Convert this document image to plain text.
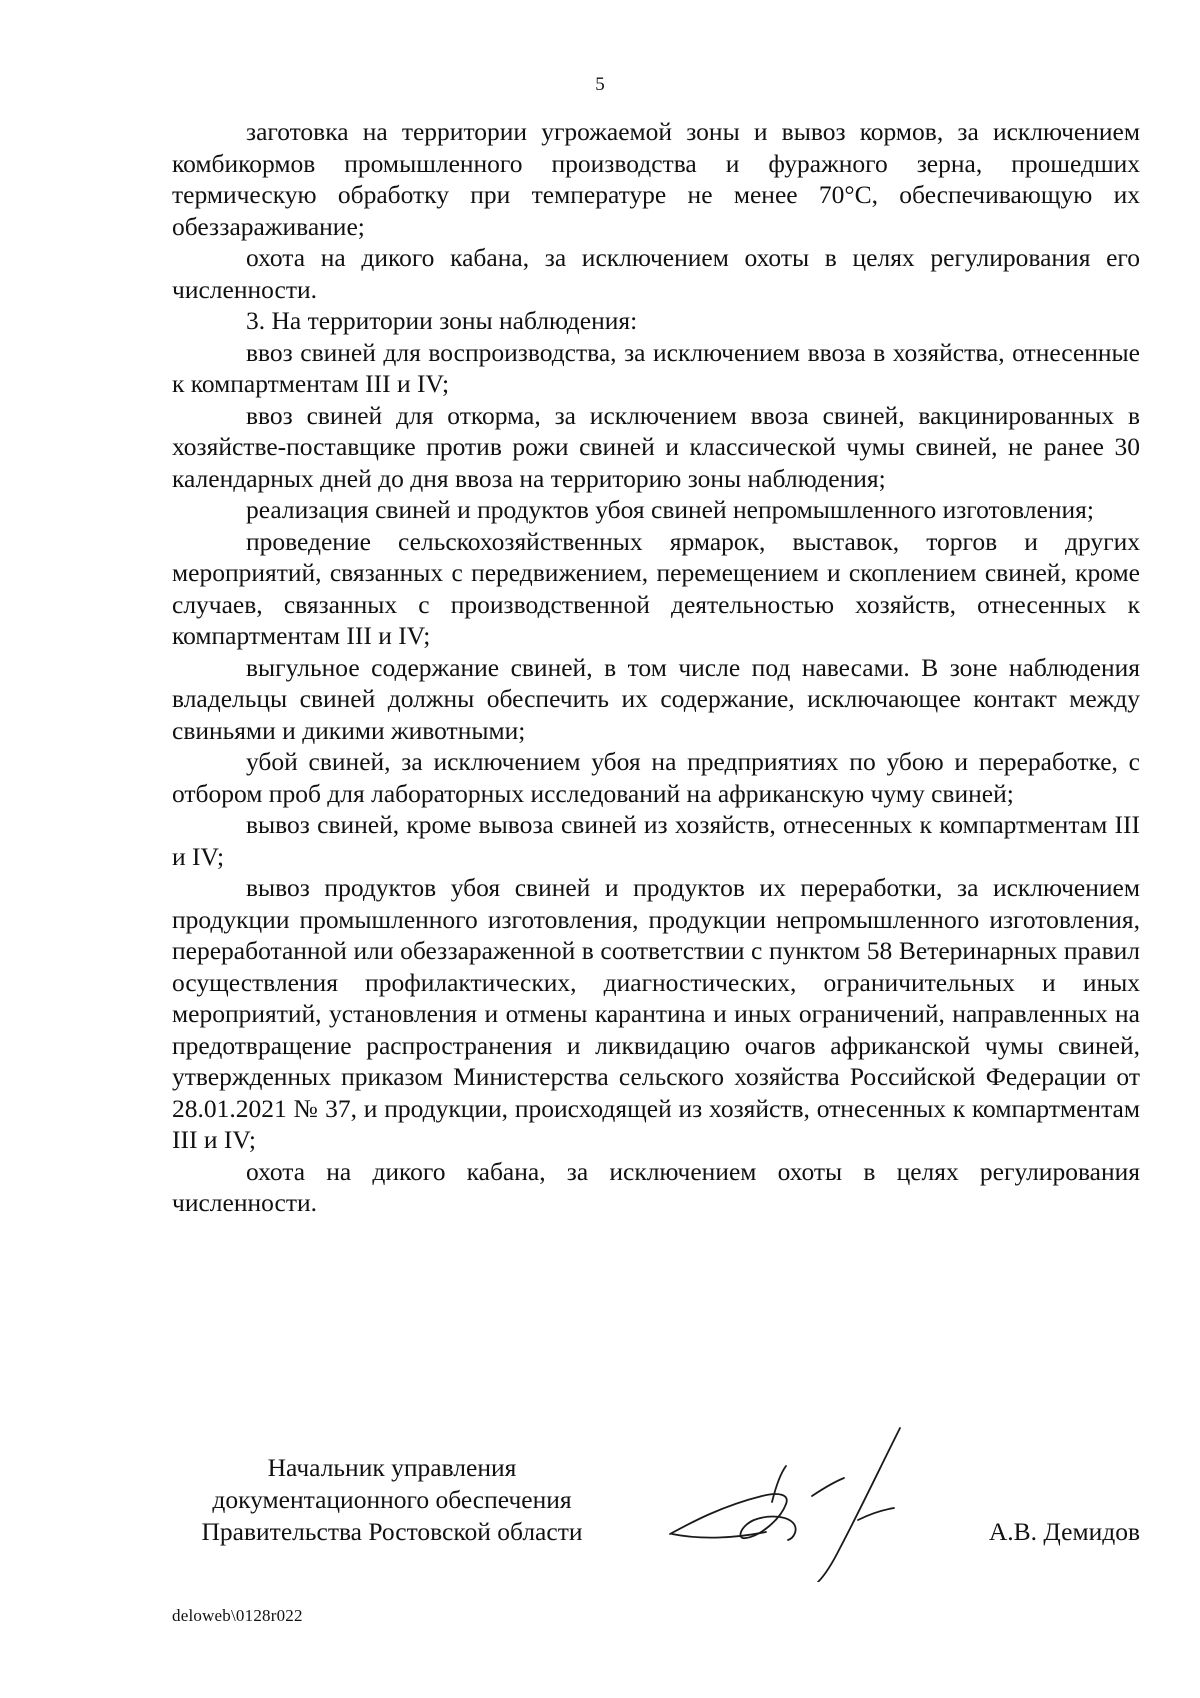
5

заготовка на территории угрожаемой зоны и вывоз кормов, за исключением комбикормов промышленного производства и фуражного зерна, прошедших термическую обработку при температуре не менее 70°С, обеспечивающую их обеззараживание;

охота на дикого кабана, за исключением охоты в целях регулирования его численности.

3. На территории зоны наблюдения:

ввоз свиней для воспроизводства, за исключением ввоза в хозяйства, отнесенные к компартментам III и IV;

ввоз свиней для откорма, за исключением ввоза свиней, вакцинированных в хозяйстве-поставщике против рожи свиней и классической чумы свиней, не ранее 30 календарных дней до дня ввоза на территорию зоны наблюдения;

реализация свиней и продуктов убоя свиней непромышленного изготовления;

проведение сельскохозяйственных ярмарок, выставок, торгов и других мероприятий, связанных с передвижением, перемещением и скоплением свиней, кроме случаев, связанных с производственной деятельностью хозяйств, отнесенных к компартментам III и IV;

выгульное содержание свиней, в том числе под навесами. В зоне наблюдения владельцы свиней должны обеспечить их содержание, исключающее контакт между свиньями и дикими животными;

убой свиней, за исключением убоя на предприятиях по убою и переработке, с отбором проб для лабораторных исследований на африканскую чуму свиней;

вывоз свиней, кроме вывоза свиней из хозяйств, отнесенных к компартментам III и IV;

вывоз продуктов убоя свиней и продуктов их переработки, за исключением продукции промышленного изготовления, продукции непромышленного изготовления, переработанной или обеззараженной в соответствии с пунктом 58 Ветеринарных правил осуществления профилактических, диагностических, ограничительных и иных мероприятий, установления и отмены карантина и иных ограничений, направленных на предотвращение распространения и ликвидацию очагов африканской чумы свиней, утвержденных приказом Министерства сельского хозяйства Российской Федерации от 28.01.2021 № 37, и продукции, происходящей из хозяйств, отнесенных к компартментам III и IV;

охота на дикого кабана, за исключением охоты в целях регулирования численности.

Начальник управления
документационного обеспечения
Правительства Ростовской области	А.В. Демидов
deloweb\0128r022
